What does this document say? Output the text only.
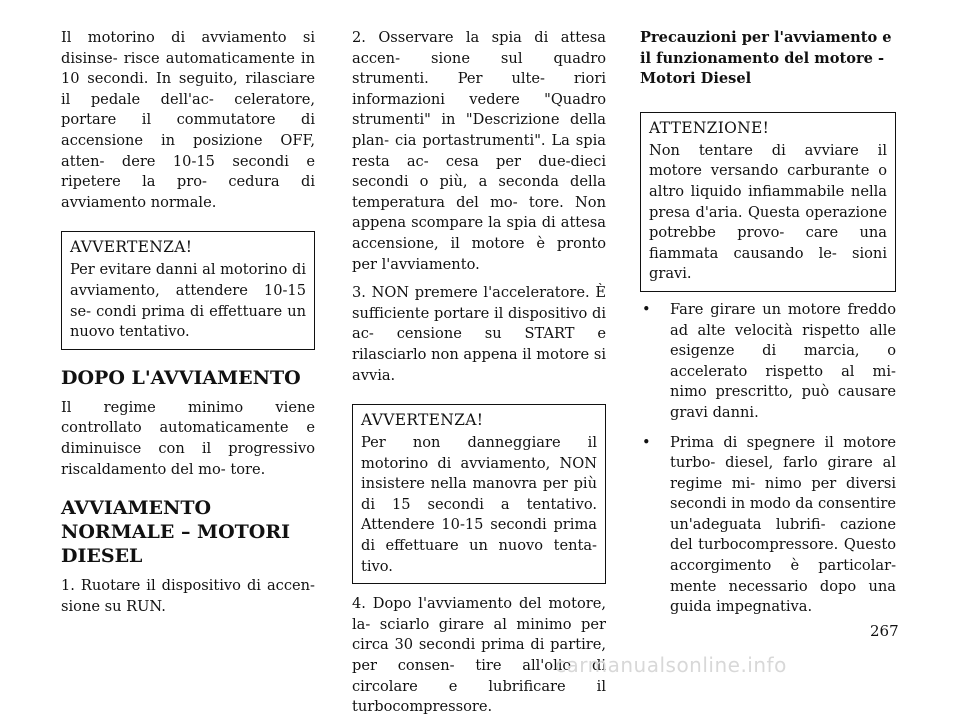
Il motorino di avviamento si disinse- risce automaticamente in 10 secondi. In seguito, rilasciare il pedale dell'ac- celeratore, portare il commutatore di accensione in posizione OFF, atten- dere 10-15 secondi e ripetere la pro- cedura di avviamento normale.

AVVERTENZA!

Per evitare danni al motorino di avviamento, attendere 10-15 se- condi prima di effettuare un nuovo tentativo.

DOPO L'AVVIAMENTO

Il regime minimo viene controllato automaticamente e diminuisce con il progressivo riscaldamento del mo- tore.

AVVIAMENTO NORMALE – MOTORI DIESEL

1. Ruotare il dispositivo di accen- sione su RUN.

2. Osservare la spia di attesa accen- sione sul quadro strumenti. Per ulte- riori informazioni vedere "Quadro strumenti" in "Descrizione della plan- cia portastrumenti". La spia resta ac- cesa per due-dieci secondi o più, a seconda della temperatura del mo- tore. Non appena scompare la spia di attesa accensione, il motore è pronto per l'avviamento.

3. NON premere l'acceleratore. È sufficiente portare il dispositivo di ac- censione su START e rilasciarlo non appena il motore si avvia.

AVVERTENZA!

Per non danneggiare il motorino di avviamento, NON insistere nella manovra per più di 15 secondi a tentativo. Attendere 10-15 secondi prima di effettuare un nuovo tenta- tivo.

4. Dopo l'avviamento del motore, la- sciarlo girare al minimo per circa 30 secondi prima di partire, per consen- tire all'olio di circolare e lubrificare il turbocompressore.

Precauzioni per l'avviamento e il funzionamento del motore - Motori Diesel
ATTENZIONE!

Non tentare di avviare il motore versando carburante o altro liquido infiammabile nella presa d'aria. Questa operazione potrebbe provo- care una fiammata causando le- sioni gravi.

• Fare girare un motore freddo ad alte velocità rispetto alle esigenze di marcia, o accelerato rispetto al mi- nimo prescritto, può causare gravi danni.
• Prima di spegnere il motore turbo- diesel, farlo girare al regime mi- nimo per diversi secondi in modo da consentire un'adeguata lubrifi- cazione del turbocompressore. Questo accorgimento è particolar- mente necessario dopo una guida impegnativa.
267
carmanualsonline.info
